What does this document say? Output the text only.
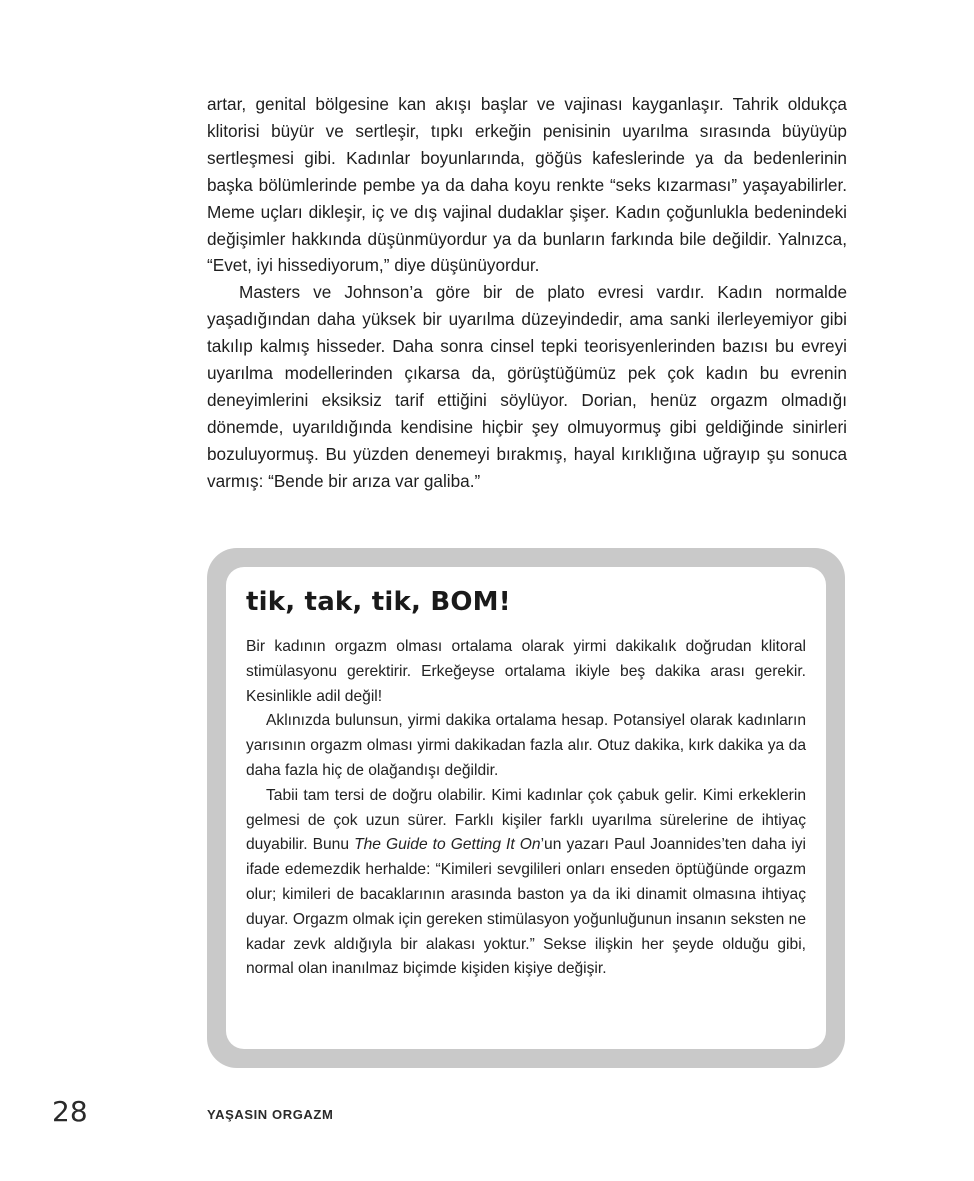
artar, genital bölgesine kan akışı başlar ve vajinası kayganlaşır. Tahrik oldukça klitorisi büyür ve sertleşir, tıpkı erkeğin penisinin uyarılma sırasında büyüyüp sertleşmesi gibi. Kadınlar boyunlarında, göğüs kafeslerinde ya da bedenlerinin başka bölümlerinde pembe ya da daha koyu renkte “seks kızarması” yaşayabilirler. Meme uçları dikleşir, iç ve dış vajinal dudaklar şişer. Kadın çoğunlukla bedenindeki değişimler hakkında düşünmüyordur ya da bunların farkında bile değildir. Yalnızca, “Evet, iyi hissediyorum,” diye düşünüyordur.

Masters ve Johnson’a göre bir de plato evresi vardır. Kadın normalde yaşadığından daha yüksek bir uyarılma düzeyindedir, ama sanki ilerleyemiyor gibi takılıp kalmış hisseder. Daha sonra cinsel tepki teorisyenlerinden bazısı bu evreyi uyarılma modellerinden çıkarsa da, görüştüğümüz pek çok kadın bu evrenin deneyimlerini eksiksiz tarif ettiğini söylüyor. Dorian, henüz orgazm olmadığı dönemde, uyarıldığında kendisine hiçbir şey olmuyormuş gibi geldiğinde sinirleri bozuluyormuş. Bu yüzden denemeyi bırakmış, hayal kırıklığına uğrayıp şu sonuca varmış: “Bende bir arıza var galiba.”

tik, tak, tik, BOM!

Bir kadının orgazm olması ortalama olarak yirmi dakikalık doğrudan klitoral stimülasyonu gerektirir. Erkeğeyse ortalama ikiyle beş dakika arası gerekir. Kesinlikle adil değil!

Aklınızda bulunsun, yirmi dakika ortalama hesap. Potansiyel olarak kadınların yarısının orgazm olması yirmi dakikadan fazla alır. Otuz dakika, kırk dakika ya da daha fazla hiç de olağandışı değildir.

Tabii tam tersi de doğru olabilir. Kimi kadınlar çok çabuk gelir. Kimi erkeklerin gelmesi de çok uzun sürer. Farklı kişiler farklı uyarılma sürelerine de ihtiyaç duyabilir. Bunu The Guide to Getting It On’un yazarı Paul Joannides’ten daha iyi ifade edemezdik herhalde: “Kimileri sevgilileri onları enseden öptüğünde orgazm olur; kimileri de bacaklarının arasında baston ya da iki dinamit olmasına ihtiyaç duyar. Orgazm olmak için gereken stimülasyon yoğunluğunun insanın seksten ne kadar zevk aldığıyla bir alakası yoktur.” Sekse ilişkin her şeyde olduğu gibi, normal olan inanılmaz biçimde kişiden kişiye değişir.

28	YAŞASIN ORGAZM
